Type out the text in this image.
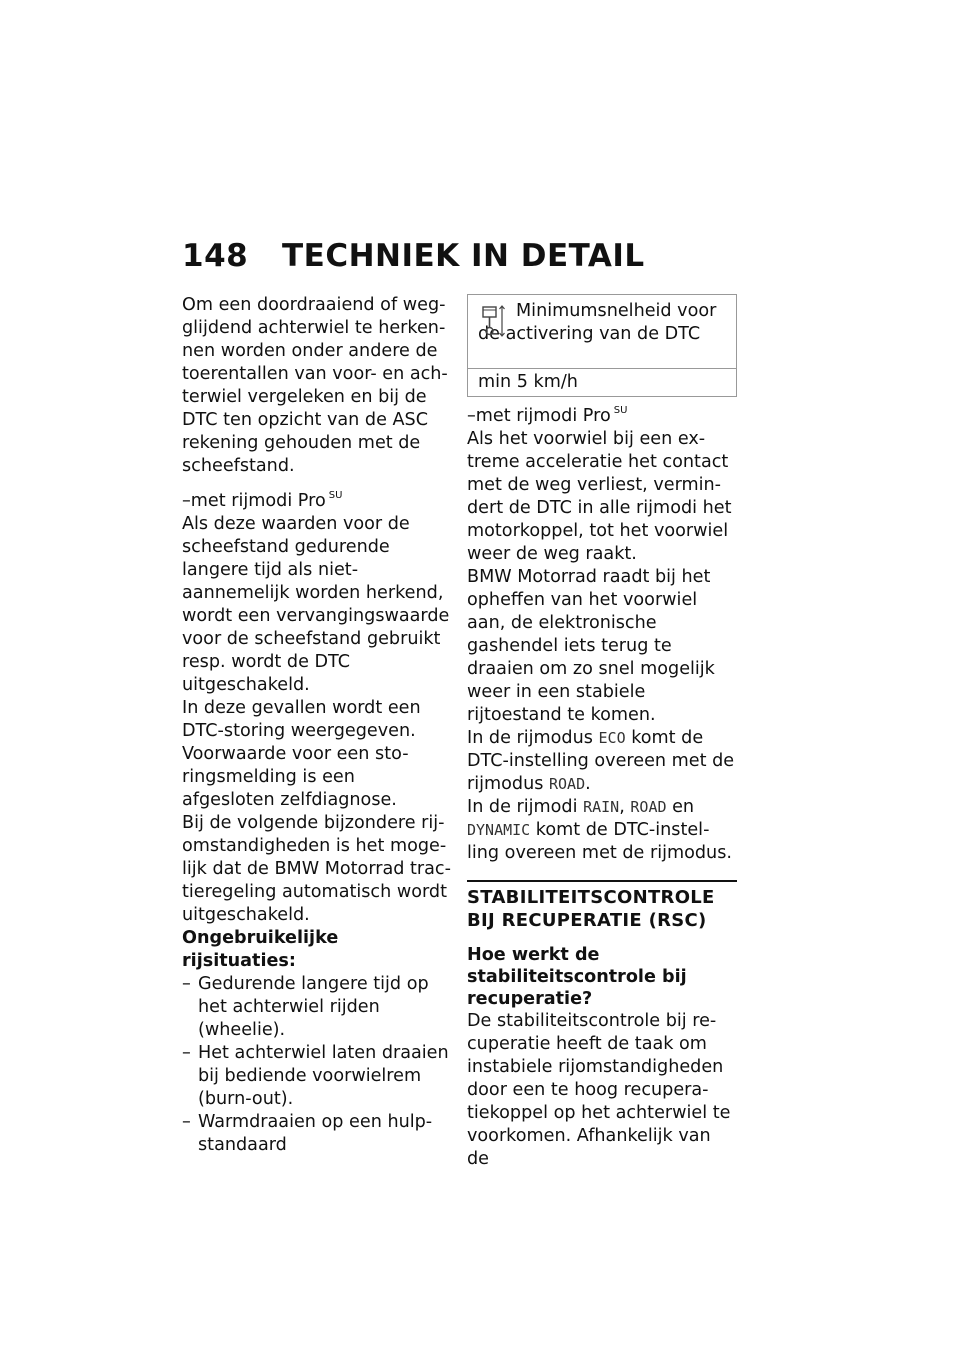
148 TECHNIEK IN DETAIL

Om een doordraaiend of weg-glijdend achterwiel te herken-nen worden onder andere de toerentallen van voor- en ach-terwiel vergeleken en bij de DTC ten opzicht van de ASC rekening gehouden met de scheefstand.

–met rijmodi Pro $^{SU}$

Als deze waarden voor de scheefstand gedurende langere tijd als niet-aannemelijk worden herkend, wordt een vervangingswaarde voor de scheefstand gebruikt resp. wordt de DTC uitgeschakeld.

In deze gevallen wordt een DTC-storing weergegeven.

Voorwaarde voor een sto-ringsmelding is een afgesloten zelfdiagnose.

Bij de volgende bijzondere rij-omstandigheden is het moge-lijk dat de BMW Motorrad trac-tieregeling automatisch wordt uitgeschakeld.

Ongebruikelijke rijsituaties:

– Gedurende langere tijd op het achterwiel rijden (wheelie).
– Het achterwiel laten draaien bij bediende voorwielrem (burn-out).
– Warmdraaien op een hulp-standaard

Minimumsnelheid voor de activering van de DTC

min 5 km/h

–met rijmodi Pro $^{SU}$

Als het voorwiel bij een ex-treme acceleratie het contact met de weg verliest, vermin-dert de DTC in alle rijmodi het motorkoppel, tot het voorwiel weer de weg raakt.

BMW Motorrad raadt bij het opheffen van het voorwiel aan, de elektronische gashendel iets terug te draaien om zo snel mogelijk weer in een stabiele rijtoestand te komen.

In de rijmodus ECO komt de DTC-instelling overeen met de rijmodus ROAD.

In de rijmodi RAIN, ROAD en DYNAMIC komt de DTC-instel-ling overeen met de rijmodus.

STABILITEITSCONTROLE BIJ RECUPERATIE (RSC)

Hoe werkt de stabiliteitscontrole bij recuperatie?

De stabiliteitscontrole bij re-cuperatie heeft de taak om instabiele rijomstandigheden door een te hoog recupera-tiekoppel op het achterwiel te voorkomen. Afhankelijk van de
